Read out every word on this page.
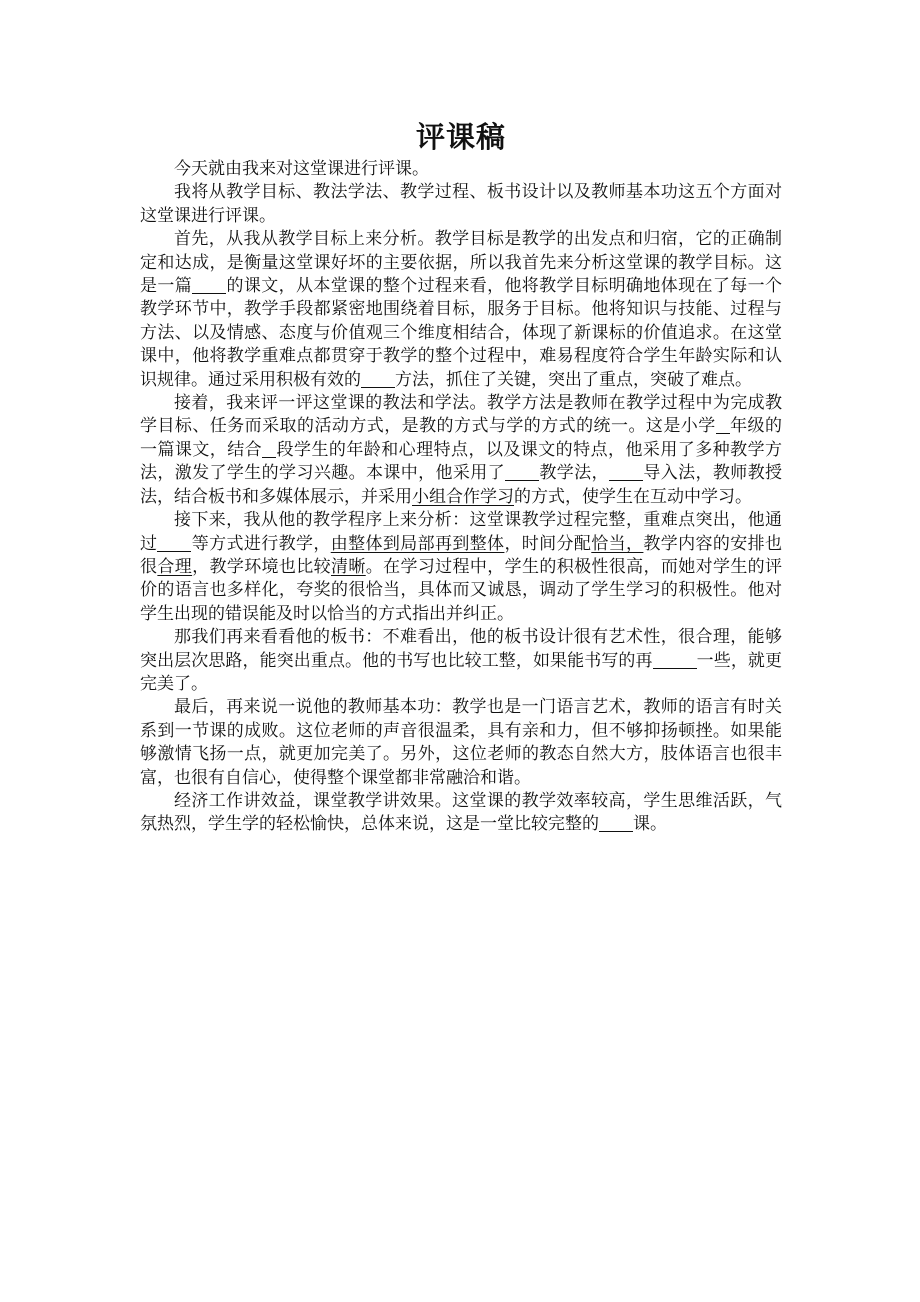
评课稿

今天就由我来对这堂课进行评课。

我将从教学目标、教法学法、教学过程、板书设计以及教师基本功这五个方面对这堂课进行评课。

首先，从我从教学目标上来分析。教学目标是教学的出发点和归宿，它的正确制定和达成，是衡量这堂课好坏的主要依据，所以我首先来分析这堂课的教学目标。这是一篇 的课文，从本堂课的整个过程来看，他将教学目标明确地体现在了每一个教学环节中，教学手段都紧密地围绕着目标，服务于目标。他将知识与技能、过程与方法、以及情感、态度与价值观三个维度相结合，体现了新课标的价值追求。在这堂课中，他将教学重难点都贯穿于教学的整个过程中，难易程度符合学生年龄实际和认识规律。通过采用积极有效的 方法，抓住了关键，突出了重点，突破了难点。

接着，我来评一评这堂课的教法和学法。教学方法是教师在教学过程中为完成教学目标、任务而采取的活动方式，是教的方式与学的方式的统一。这是小学 年级的一篇课文，结合 段学生的年龄和心理特点，以及课文的特点，他采用了多种教学方法，激发了学生的学习兴趣。本课中，他采用了 教学法， 导入法，教师教授法，结合板书和多媒体展示，并采用小组合作学习的方式，使学生在互动中学习。

接下来，我从他的教学程序上来分析：这堂课教学过程完整，重难点突出，他通过 等方式进行教学，由整体到局部再到整体，时间分配恰当，教学内容的安排也很合理，教学环境也比较清晰。在学习过程中，学生的积极性很高，而她对学生的评价的语言也多样化，夸奖的很恰当，具体而又诚恳，调动了学生学习的积极性。他对学生出现的错误能及时以恰当的方式指出并纠正。

那我们再来看看他的板书：不难看出，他的板书设计很有艺术性，很合理，能够突出层次思路，能突出重点。他的书写也比较工整，如果能书写的再	一些，就更完美了。

最后，再来说一说他的教师基本功：教学也是一门语言艺术，教师的语言有时关系到一节课的成败。这位老师的声音很温柔，具有亲和力，但不够抑扬顿挫。如果能够激情飞扬一点，就更加完美了。另外，这位老师的教态自然大方，肢体语言也很丰富，也很有自信心，使得整个课堂都非常融洽和谐。

经济工作讲效益，课堂教学讲效果。这堂课的教学效率较高，学生思维活跃，气氛热烈，学生学的轻松愉快，总体来说，这是一堂比较完整的 课。
